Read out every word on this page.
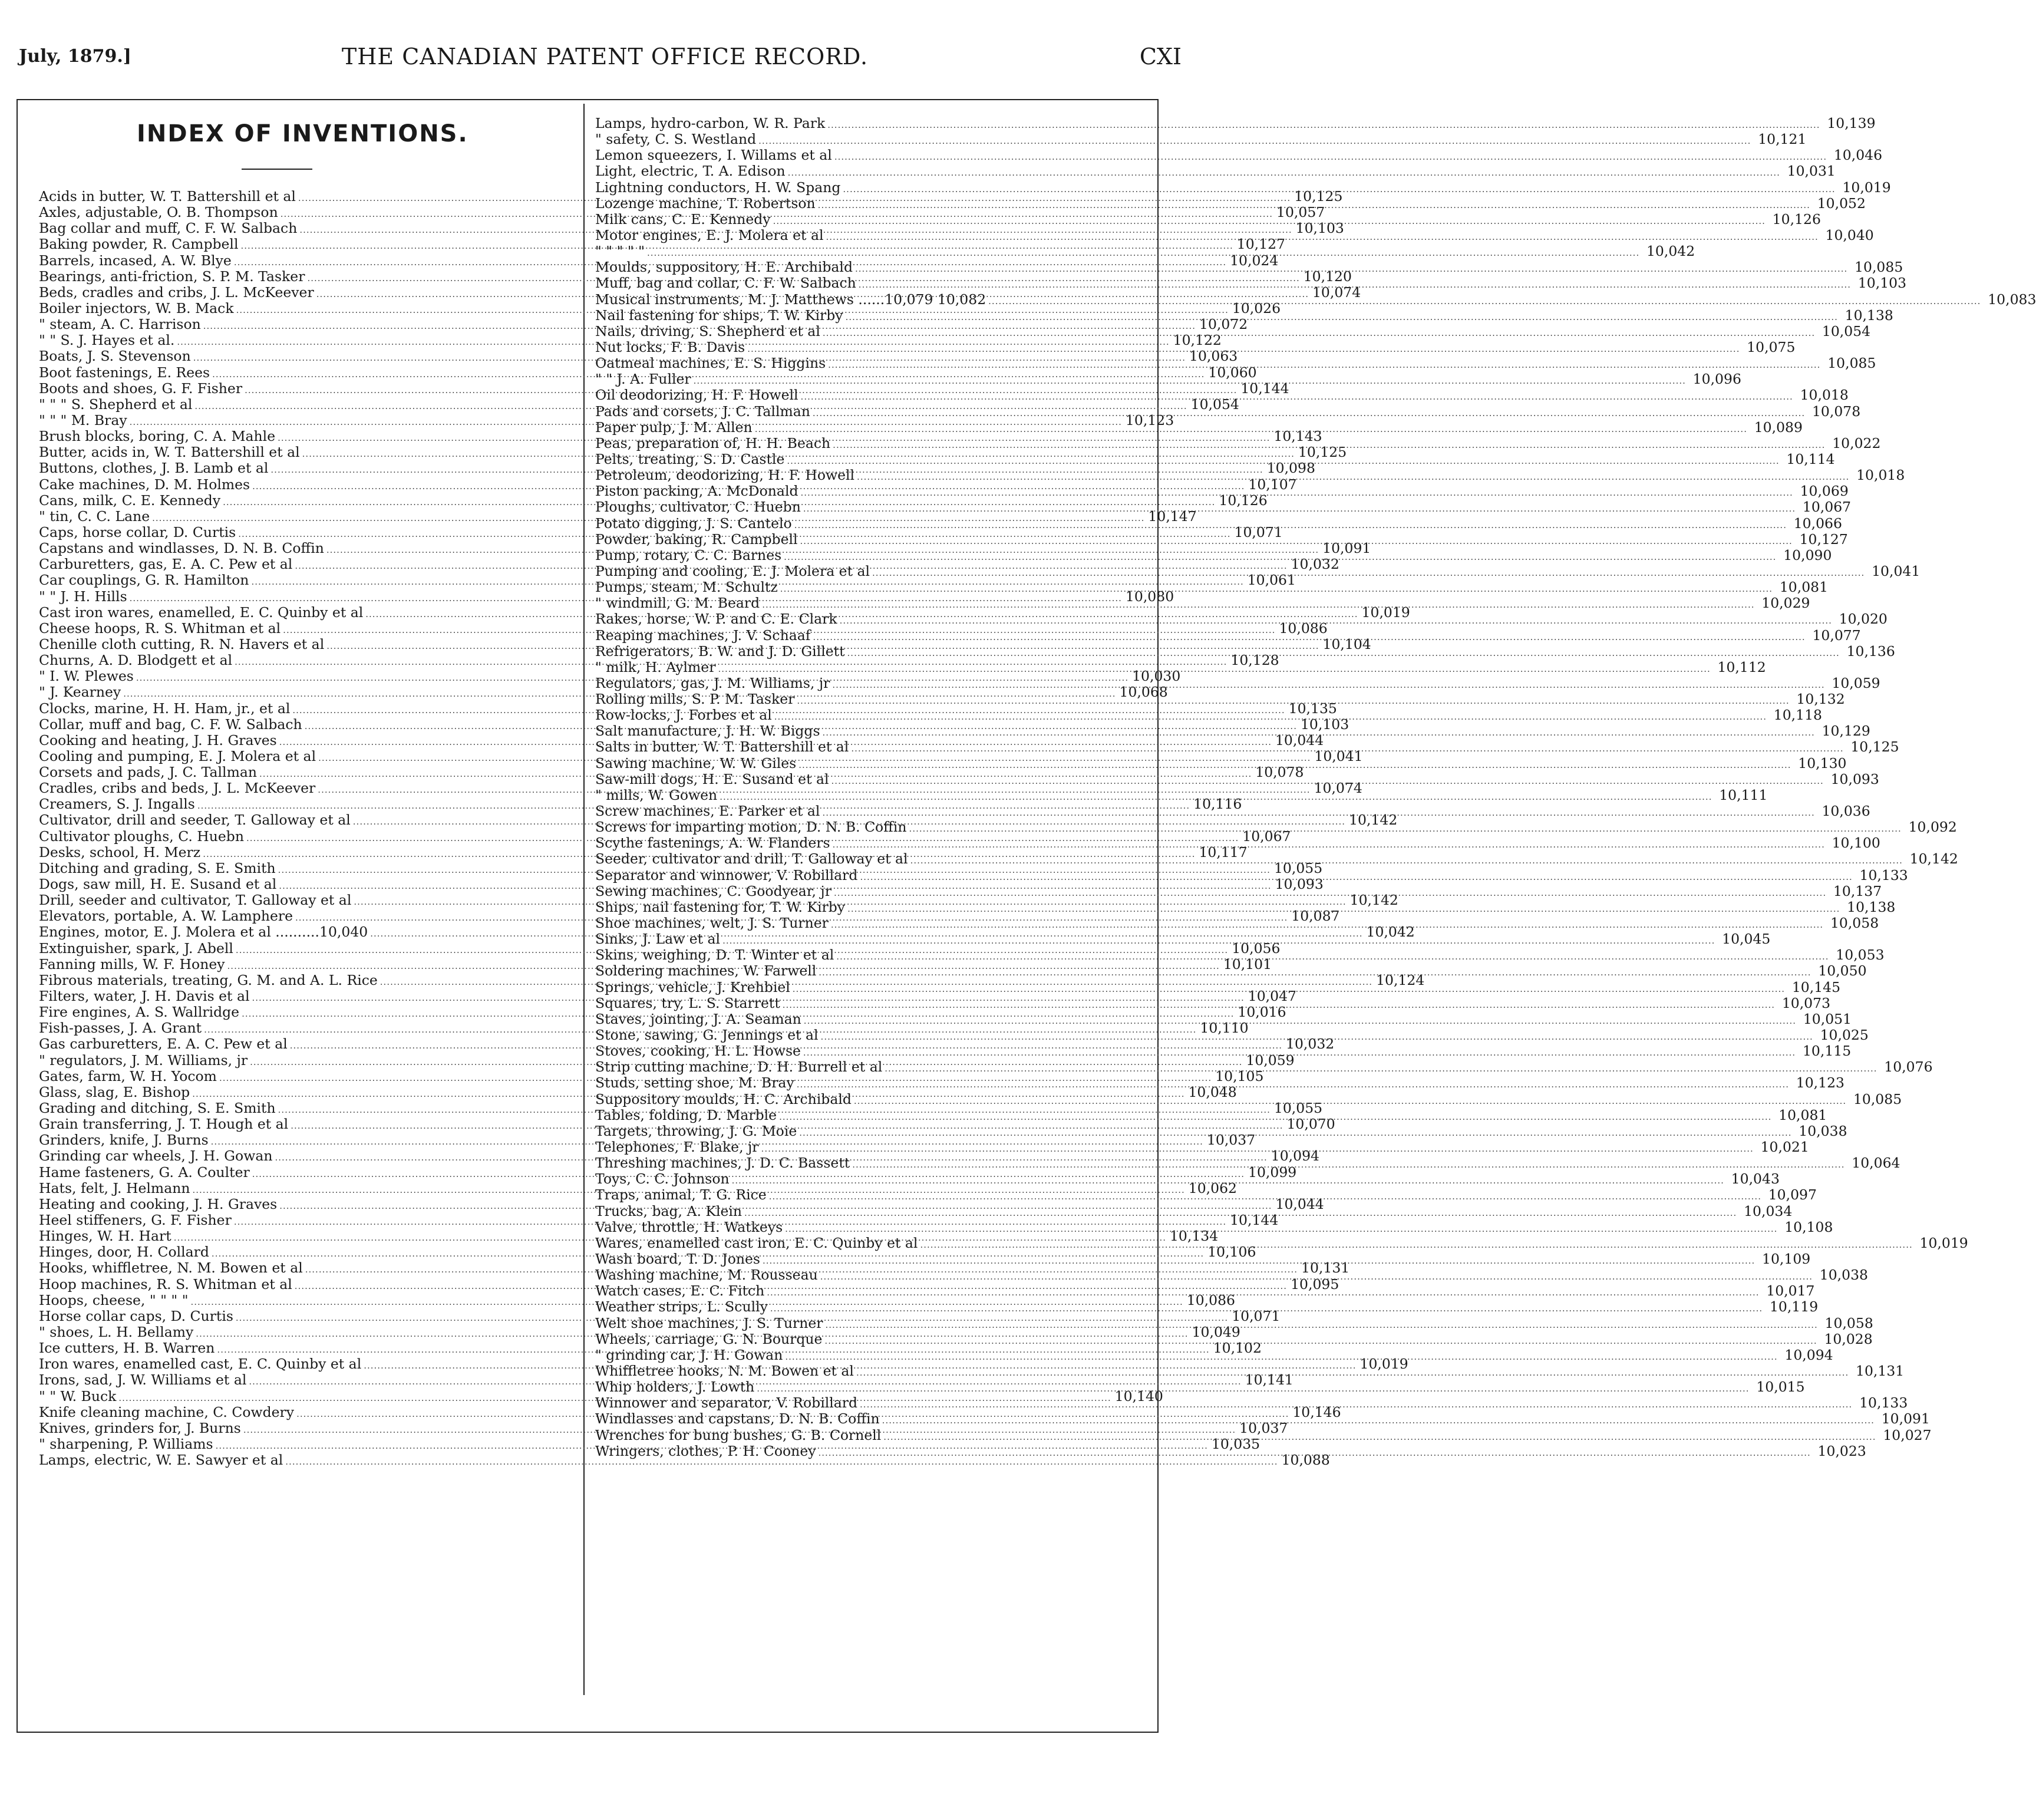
July, 1879.]	THE CANADIAN PATENT OFFICE RECORD.	CXI
INDEX OF INVENTIONS.
Acids in butter, W. T. Battershill et al .....	10,125
Axles, adjustable, O. B. Thompson .....	10,057
Bag collar and muff, C. F. W. Salbach .....	10,103
Baking powder, R. Campbell .....	10,127
Barrels, incased, A. W. Blye .....	10,024
Bearings, anti-friction, S. P. M. Tasker .....	10,120
Beds, cradles and cribs, J. L. McKeever .....	10,074
Boiler injectors, W. B. Mack .....	10,026
" steam, A. C. Harrison .....	10,072
" " S. J. Hayes et al. .....	10,122
Boats, J. S. Stevenson .....	10,063
Boot fastenings, E. Rees .....	10,060
Boots and shoes, G. F. Fisher .....	10,144
" " " S. Shepherd et al .....	10,054
" " " M. Bray .....	10,123
Brush blocks, boring, C. A. Mahle .....	10,143
Butter, acids in, W. T. Battershill et al .....	10,125
Buttons, clothes, J. B. Lamb et al .....	10,098
Cake machines, D. M. Holmes .....	10,107
Cans, milk, C. E. Kennedy .....	10,126
" tin, C. C. Lane .....	10,147
Caps, horse collar, D. Curtis .....	10,071
Capstans and windlasses, D. N. B. Coffin .....	10,091
Carburetters, gas, E. A. C. Pew et al .....	10,032
Car couplings, G. R. Hamilton .....	10,061
" " J. H. Hills .....	10,080
Cast iron wares, enamelled, E. C. Quinby et al .....	10,019
Cheese hoops, R. S. Whitman et al .....	10,086
Chenille cloth cutting, R. N. Havers et al .....	10,104
Churns, A. D. Blodgett et al .....	10,128
" I. W. Plewes .....	10,030
" J. Kearney .....	10,068
Clocks, marine, H. H. Ham, jr., et al .....	10,135
Collar, muff and bag, C. F. W. Salbach .....	10,103
Cooking and heating, J. H. Graves .....	10,044
Cooling and pumping, E. J. Molera et al .....	10,041
Corsets and pads, J. C. Tallman .....	10,078
Cradles, cribs and beds, J. L. McKeever .....	10,074
Creamers, S. J. Ingalls .....	10,116
Cultivator, drill and seeder, T. Galloway et al .....	10,142
Cultivator ploughs, C. Huebn .....	10,067
Desks, school, H. Merz .....	10,117
Ditching and grading, S. E. Smith .....	10,055
Dogs, saw mill, H. E. Susand et al .....	10,093
Drill, seeder and cultivator, T. Galloway et al .....	10,142
Elevators, portable, A. W. Lamphere .....	10,087
Engines, motor, E. J. Molera et al ..........10,040 .....	10,042
Extinguisher, spark, J. Abell .....	10,056
Fanning mills, W. F. Honey .....	10,101
Fibrous materials, treating, G. M. and A. L. Rice .....	10,124
Filters, water, J. H. Davis et al .....	10,047
Fire engines, A. S. Wallridge .....	10,016
Fish-passes, J. A. Grant .....	10,110
Gas carburetters, E. A. C. Pew et al .....	10,032
" regulators, J. M. Williams, jr .....	10,059
Gates, farm, W. H. Yocom .....	10,105
Glass, slag, E. Bishop .....	10,048
Grading and ditching, S. E. Smith .....	10,055
Grain transferring, J. T. Hough et al .....	10,070
Grinders, knife, J. Burns .....	10,037
Grinding car wheels, J. H. Gowan .....	10,094
Hame fasteners, G. A. Coulter .....	10,099
Hats, felt, J. Helmann .....	10,062
Heating and cooking, J. H. Graves .....	10,044
Heel stiffeners, G. F. Fisher .....	10,144
Hinges, W. H. Hart .....	10,134
Hinges, door, H. Collard .....	10,106
Hooks, whiffletree, N. M. Bowen et al .....	10,131
Hoop machines, R. S. Whitman et al .....	10,095
Hoops, cheese, " " " " .....	10,086
Horse collar caps, D. Curtis .....	10,071
" shoes, L. H. Bellamy .....	10,049
Ice cutters, H. B. Warren .....	10,102
Iron wares, enamelled cast, E. C. Quinby et al .....	10,019
Irons, sad, J. W. Williams et al .....	10,141
" " W. Buck .....	10,140
Knife cleaning machine, C. Cowdery .....	10,146
Knives, grinders for, J. Burns .....	10,037
" sharpening, P. Williams .....	10,035
Lamps, electric, W. E. Sawyer et al .....	10,088
Lamps, hydro-carbon, W. R. Park .....	10,139
" safety, C. S. Westland .....	10,121
Lemon squeezers, I. Willams et al .....	10,046
Light, electric, T. A. Edison .....	10,031
Lightning conductors, H. W. Spang .....	10,019
Lozenge machine, T. Robertson .....	10,052
Milk cans, C. E. Kennedy .....	10,126
Motor engines, E. J. Molera et al .....	10,040
" " " " " .....	10,042
Moulds, suppository, H. E. Archibald .....	10,085
Muff, bag and collar, C. F. W. Salbach .....	10,103
Musical instruments, M. J. Matthews ......10,079 10,082 .....	10,083
Nail fastening for ships, T. W. Kirby .....	10,138
Nails, driving, S. Shepherd et al .....	10,054
Nut locks, F. B. Davis .....	10,075
Oatmeal machines, E. S. Higgins .....	10,085
" " J. A. Fuller .....	10,096
Oil deodorizing, H. F. Howell .....	10,018
Pads and corsets, J. C. Tallman .....	10,078
Paper pulp, J. M. Allen .....	10,089
Peas, preparation of, H. H. Beach .....	10,022
Pelts, treating, S. D. Castle .....	10,114
Petroleum, deodorizing, H. F. Howell .....	10,018
Piston packing, A. McDonald .....	10,069
Ploughs, cultivator, C. Huebn .....	10,067
Potato digging, J. S. Cantelo .....	10,066
Powder, baking, R. Campbell .....	10,127
Pump, rotary, C. C. Barnes .....	10,090
Pumping and cooling, E. J. Molera et al .....	10,041
Pumps, steam, M. Schultz .....	10,081
" windmill, G. M. Beard .....	10,029
Rakes, horse, W. P. and C. E. Clark .....	10,020
Reaping machines, J. V. Schaaf .....	10,077
Refrigerators, B. W. and J. D. Gillett .....	10,136
" milk, H. Aylmer .....	10,112
Regulators, gas, J. M. Williams, jr .....	10,059
Rolling mills, S. P. M. Tasker .....	10,132
Row-locks, J. Forbes et al .....	10,118
Salt manufacture, J. H. W. Biggs .....	10,129
Salts in butter, W. T. Battershill et al .....	10,125
Sawing machine, W. W. Giles .....	10,130
Saw-mill dogs, H. E. Susand et al .....	10,093
" mills, W. Gowen .....	10,111
Screw machines, E. Parker et al .....	10,036
Screws for imparting motion, D. N. B. Coffin .....	10,092
Scythe fastenings, A. W. Flanders .....	10,100
Seeder, cultivator and drill, T. Galloway et al .....	10,142
Separator and winnower, V. Robillard .....	10,133
Sewing machines, C. Goodyear, jr .....	10,137
Ships, nail fastening for, T. W. Kirby .....	10,138
Shoe machines, welt, J. S. Turner .....	10,058
Sinks, J. Law et al .....	10,045
Skins, weighing, D. T. Winter et al .....	10,053
Soldering machines, W. Farwell .....	10,050
Springs, vehicle, J. Krehbiel .....	10,145
Squares, try, L. S. Starrett .....	10,073
Staves, jointing, J. A. Seaman .....	10,051
Stone, sawing, G. Jennings et al .....	10,025
Stoves, cooking, H. L. Howse .....	10,115
Strip cutting machine, D. H. Burrell et al .....	10,076
Studs, setting shoe, M. Bray .....	10,123
Suppository moulds, H. C. Archibald .....	10,085
Tables, folding, D. Marble .....	10,081
Targets, throwing, J. G. Moie .....	10,038
Telephones, F. Blake, jr .....	10,021
Threshing machines, J. D. C. Bassett .....	10,064
Toys, C. C. Johnson .....	10,043
Traps, animal, T. G. Rice .....	10,097
Trucks, bag, A. Klein .....	10,034
Valve, throttle, H. Watkeys .....	10,108
Wares, enamelled cast iron, E. C. Quinby et al .....	10,019
Wash board, T. D. Jones .....	10,109
Washing machine, M. Rousseau .....	10,038
Watch cases, E. C. Fitch .....	10,017
Weather strips, L. Scully .....	10,119
Welt shoe machines, J. S. Turner .....	10,058
Wheels, carriage, G. N. Bourque .....	10,028
" grinding car, J. H. Gowan .....	10,094
Whiffletree hooks, N. M. Bowen et al .....	10,131
Whip holders, J. Lowth .....	10,015
Winnower and separator, V. Robillard .....	10,133
Windlasses and capstans, D. N. B. Coffin .....	10,091
Wrenches for bung bushes, G. B. Cornell .....	10,027
Wringers, clothes, P. H. Cooney .....	10,023
